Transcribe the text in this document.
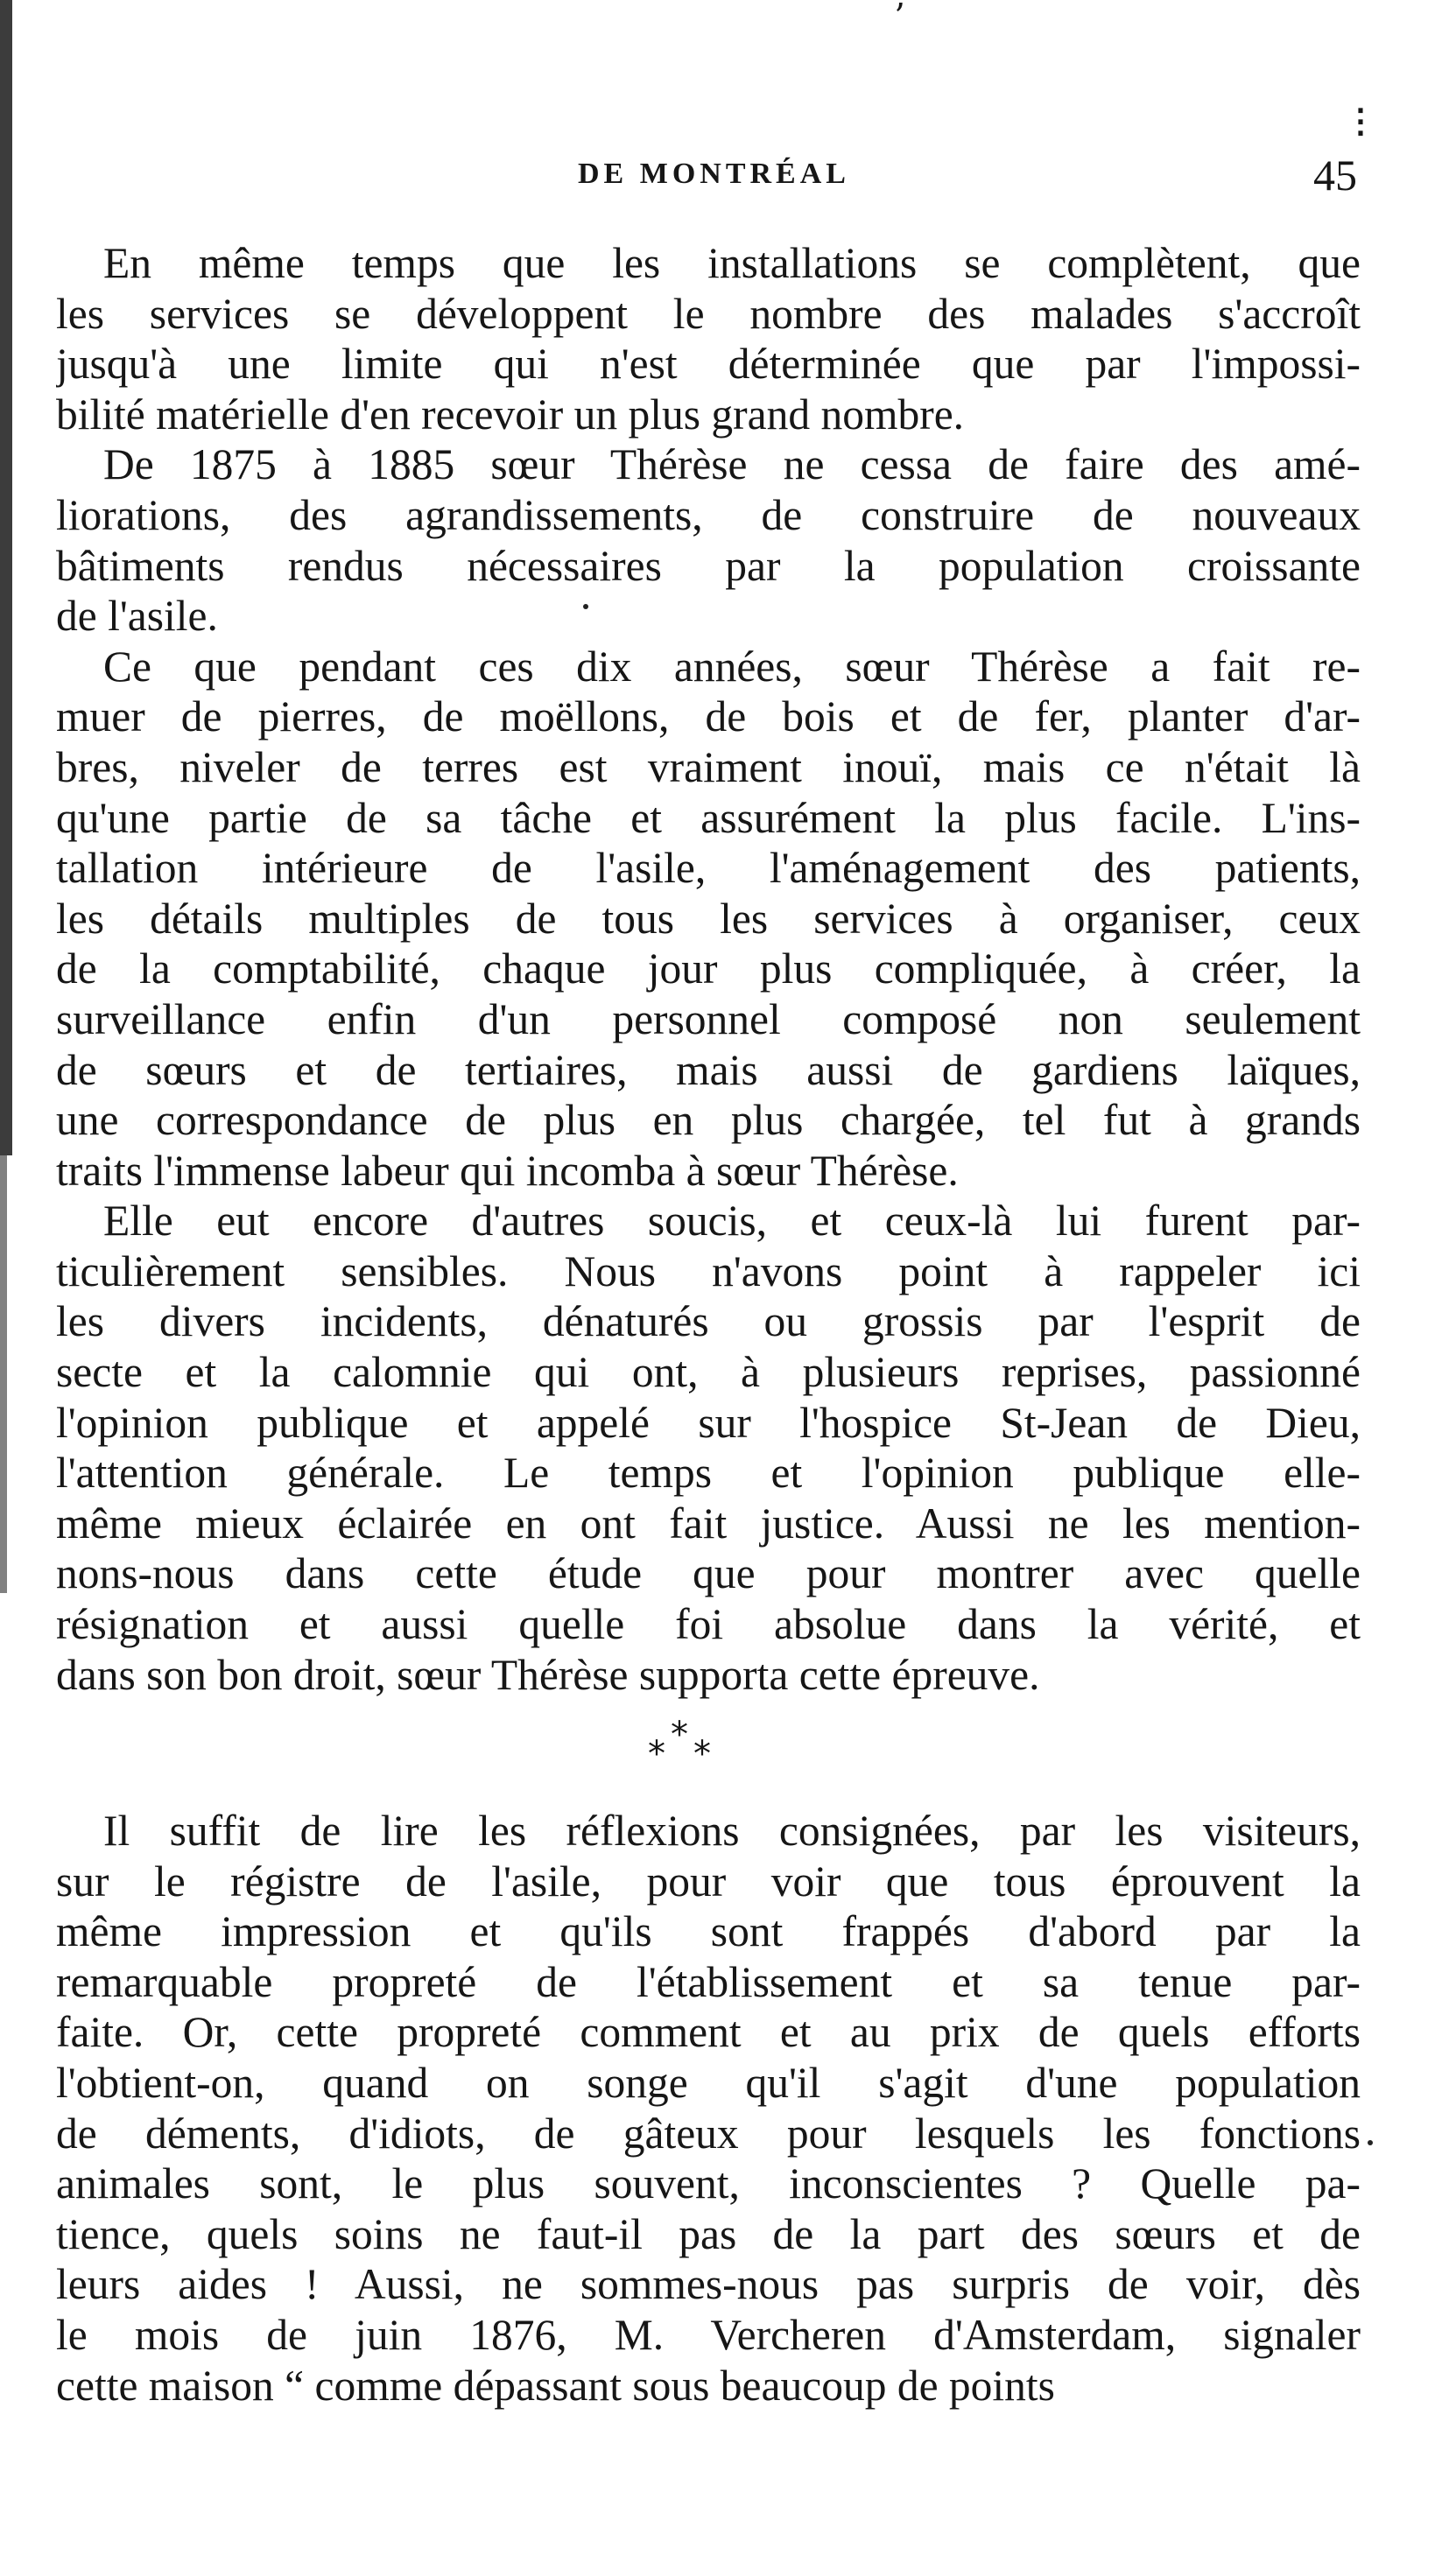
ʼ
⋮
DE MONTRÉAL	45
En même temps que les installations se complètent, que
les services se développent le nombre des malades s'accroît
jusqu'à une limite qui n'est déterminée que par l'impossi-
bilité matérielle d'en recevoir un plus grand nombre.
De 1875 à 1885 sœur Thérèse ne cessa de faire des amé-
liorations, des agrandissements, de construire de nouveaux
bâtiments rendus nécessaires par la population croissante
de l'asile.
Ce que pendant ces dix années, sœur Thérèse a fait re-
muer de pierres, de moëllons, de bois et de fer, planter d'ar-
bres, niveler de terres est vraiment inouï, mais ce n'était là
qu'une partie de sa tâche et assurément la plus facile. L'ins-
tallation intérieure de l'asile, l'aménagement des patients,
les détails multiples de tous les services à organiser, ceux
de la comptabilité, chaque jour plus compliquée, à créer, la
surveillance enfin d'un personnel composé non seulement
de sœurs et de tertiaires, mais aussi de gardiens laïques,
une correspondance de plus en plus chargée, tel fut à grands
traits l'immense labeur qui incomba à sœur Thérèse.
Elle eut encore d'autres soucis, et ceux-là lui furent par-
ticulièrement sensibles. Nous n'avons point à rappeler ici
les divers incidents, dénaturés ou grossis par l'esprit de
secte et la calomnie qui ont, à plusieurs reprises, passionné
l'opinion publique et appelé sur l'hospice St-Jean de Dieu,
l'attention générale. Le temps et l'opinion publique elle-
même mieux éclairée en ont fait justice. Aussi ne les mention-
nons-nous dans cette étude que pour montrer avec quelle
résignation et aussi quelle foi absolue dans la vérité, et
dans son bon droit, sœur Thérèse supporta cette épreuve.
* * *
Il suffit de lire les réflexions consignées, par les visiteurs,
sur le régistre de l'asile, pour voir que tous éprouvent la
même impression et qu'ils sont frappés d'abord par la
remarquable propreté de l'établissement et sa tenue par-
faite. Or, cette propreté comment et au prix de quels efforts
l'obtient-on, quand on songe qu'il s'agit d'une population
de déments, d'idiots, de gâteux pour lesquels les fonctions
animales sont, le plus souvent, inconscientes ? Quelle pa-
tience, quels soins ne faut-il pas de la part des sœurs et de
leurs aides ! Aussi, ne sommes-nous pas surpris de voir, dès
le mois de juin 1876, M. Vercheren d'Amsterdam, signaler
cette maison “ comme dépassant sous beaucoup de points
